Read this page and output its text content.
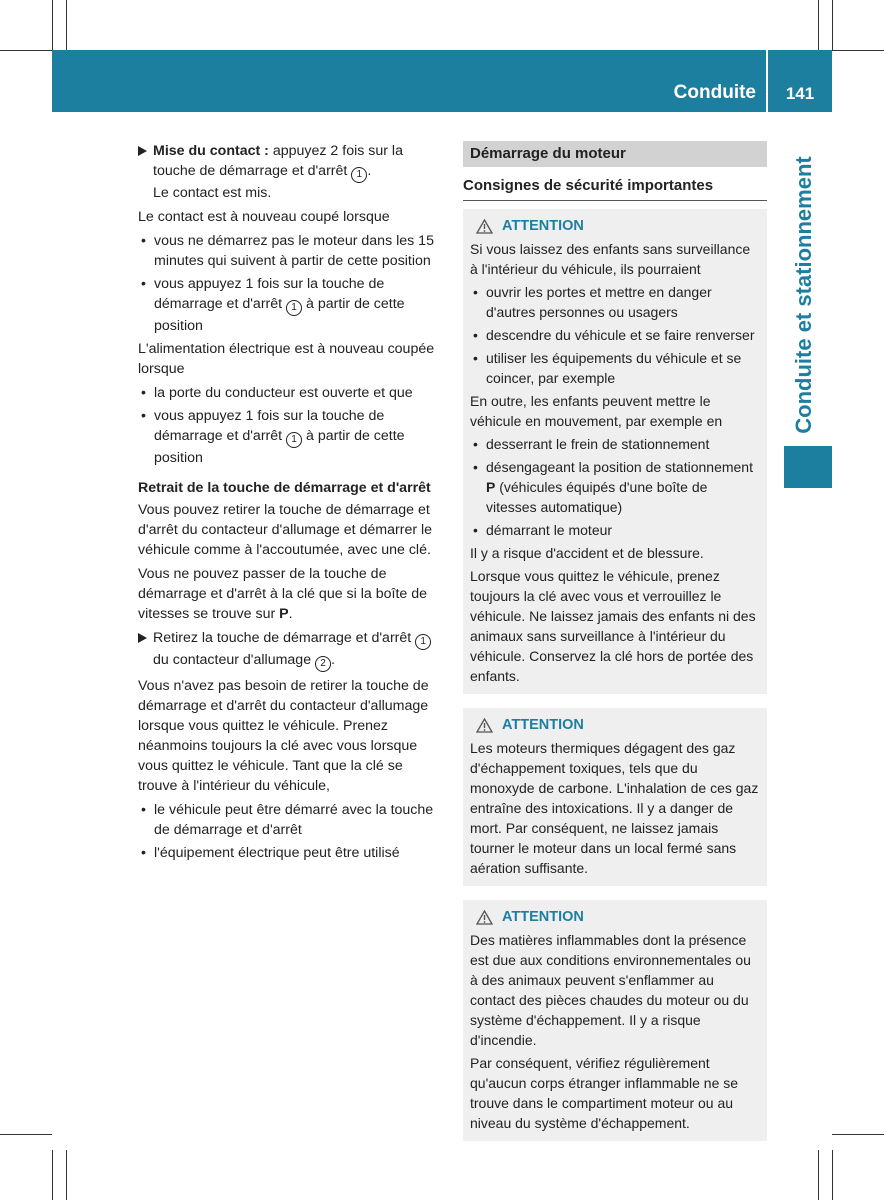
Conduite	141
Conduite et stationnement
Mise du contact : appuyez 2 fois sur la touche de démarrage et d'arrêt 1 .
Le contact est mis.

Le contact est à nouveau coupé lorsque

• vous ne démarrez pas le moteur dans les 15 minutes qui suivent à partir de cette position
• vous appuyez 1 fois sur la touche de démarrage et d'arrêt 1 à partir de cette position

L'alimentation électrique est à nouveau coupée lorsque

• la porte du conducteur est ouverte et que
• vous appuyez 1 fois sur la touche de démarrage et d'arrêt 1 à partir de cette position
Retrait de la touche de démarrage et d'arrêt

Vous pouvez retirer la touche de démarrage et d'arrêt du contacteur d'allumage et démarrer le véhicule comme à l'accoutumée, avec une clé.

Vous ne pouvez passer de la touche de démarrage et d'arrêt à la clé que si la boîte de vitesses se trouve sur P.

Retirez la touche de démarrage et d'arrêt 1 du contacteur d'allumage 2 .

Vous n'avez pas besoin de retirer la touche de démarrage et d'arrêt du contacteur d'allumage lorsque vous quittez le véhicule. Prenez néanmoins toujours la clé avec vous lorsque vous quittez le véhicule. Tant que la clé se trouve à l'intérieur du véhicule,

• le véhicule peut être démarré avec la touche de démarrage et d'arrêt
• l'équipement électrique peut être utilisé
Démarrage du moteur
Consignes de sécurité importantes
ATTENTION

Si vous laissez des enfants sans surveillance à l'intérieur du véhicule, ils pourraient

• ouvrir les portes et mettre en danger d'autres personnes ou usagers
• descendre du véhicule et se faire renverser
• utiliser les équipements du véhicule et se coincer, par exemple

En outre, les enfants peuvent mettre le véhicule en mouvement, par exemple en

• desserrant le frein de stationnement
• désengageant la position de stationnement
P (véhicules équipés d'une boîte de vitesses automatique)
• démarrant le moteur

Il y a risque d'accident et de blessure.

Lorsque vous quittez le véhicule, prenez toujours la clé avec vous et verrouillez le véhicule. Ne laissez jamais des enfants ni des animaux sans surveillance à l'intérieur du véhicule. Conservez la clé hors de portée des enfants.

ATTENTION

Les moteurs thermiques dégagent des gaz d'échappement toxiques, tels que du monoxyde de carbone. L'inhalation de ces gaz entraîne des intoxications. Il y a danger de mort. Par conséquent, ne laissez jamais tourner le moteur dans un local fermé sans aération suffisante.

ATTENTION

Des matières inflammables dont la présence est due aux conditions environnementales ou à des animaux peuvent s'enflammer au contact des pièces chaudes du moteur ou du système d'échappement. Il y a risque d'incendie.

Par conséquent, vérifiez régulièrement qu'aucun corps étranger inflammable ne se trouve dans le compartiment moteur ou au niveau du système d'échappement.
